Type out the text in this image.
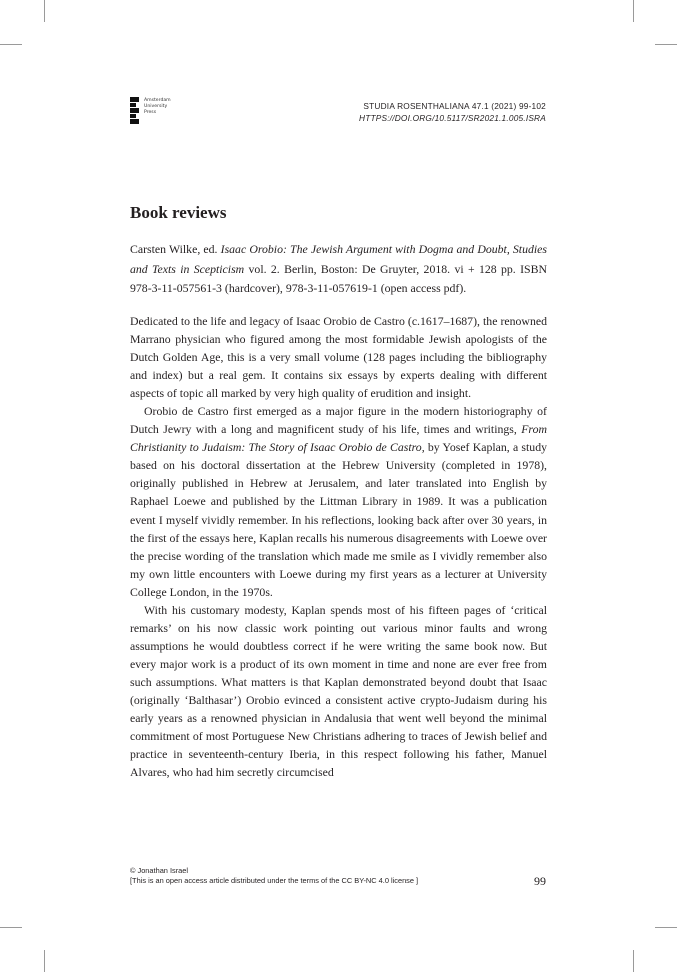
Amsterdam
University
Press
STUDIA ROSENTHALIANA 47.1 (2021) 99-102
HTTPS://DOI.ORG/10.5117/SR2021.1.005.ISRA
Book reviews
Carsten Wilke, ed. Isaac Orobio: The Jewish Argument with Dogma and Doubt, Studies and Texts in Scepticism vol. 2. Berlin, Boston: De Gruyter, 2018. vi + 128 pp. ISBN 978-3-11-057561-3 (hardcover), 978-3-11-057619-1 (open access pdf).

Dedicated to the life and legacy of Isaac Orobio de Castro (c.1617–1687), the renowned Marrano physician who figured among the most formidable Jewish apologists of the Dutch Golden Age, this is a very small volume (128 pages including the bibliography and index) but a real gem. It contains six essays by experts dealing with different aspects of topic all marked by very high quality of erudition and insight.

Orobio de Castro first emerged as a major figure in the modern historiography of Dutch Jewry with a long and magnificent study of his life, times and writings, From Christianity to Judaism: The Story of Isaac Orobio de Castro, by Yosef Kaplan, a study based on his doctoral dissertation at the Hebrew University (completed in 1978), originally published in Hebrew at Jerusalem, and later translated into English by Raphael Loewe and published by the Littman Library in 1989. It was a publication event I myself vividly remember. In his reflections, looking back after over 30 years, in the first of the essays here, Kaplan recalls his numerous disagreements with Loewe over the precise wording of the translation which made me smile as I vividly remember also my own little encounters with Loewe during my first years as a lecturer at University College London, in the 1970s.

With his customary modesty, Kaplan spends most of his fifteen pages of ‘critical remarks’ on his now classic work pointing out various minor faults and wrong assumptions he would doubtless correct if he were writing the same book now. But every major work is a product of its own moment in time and none are ever free from such assumptions. What matters is that Kaplan demonstrated beyond doubt that Isaac (originally ‘Balthasar’) Orobio evinced a consistent active crypto-Judaism during his early years as a renowned physician in Andalusia that went well beyond the minimal commitment of most Portuguese New Christians adhering to traces of Jewish belief and practice in seventeenth-century Iberia, in this respect following his father, Manuel Alvares, who had him secretly circumcised

© Jonathan Israel
[This is an open access article distributed under the terms of the CC BY-NC 4.0 license ]	99
